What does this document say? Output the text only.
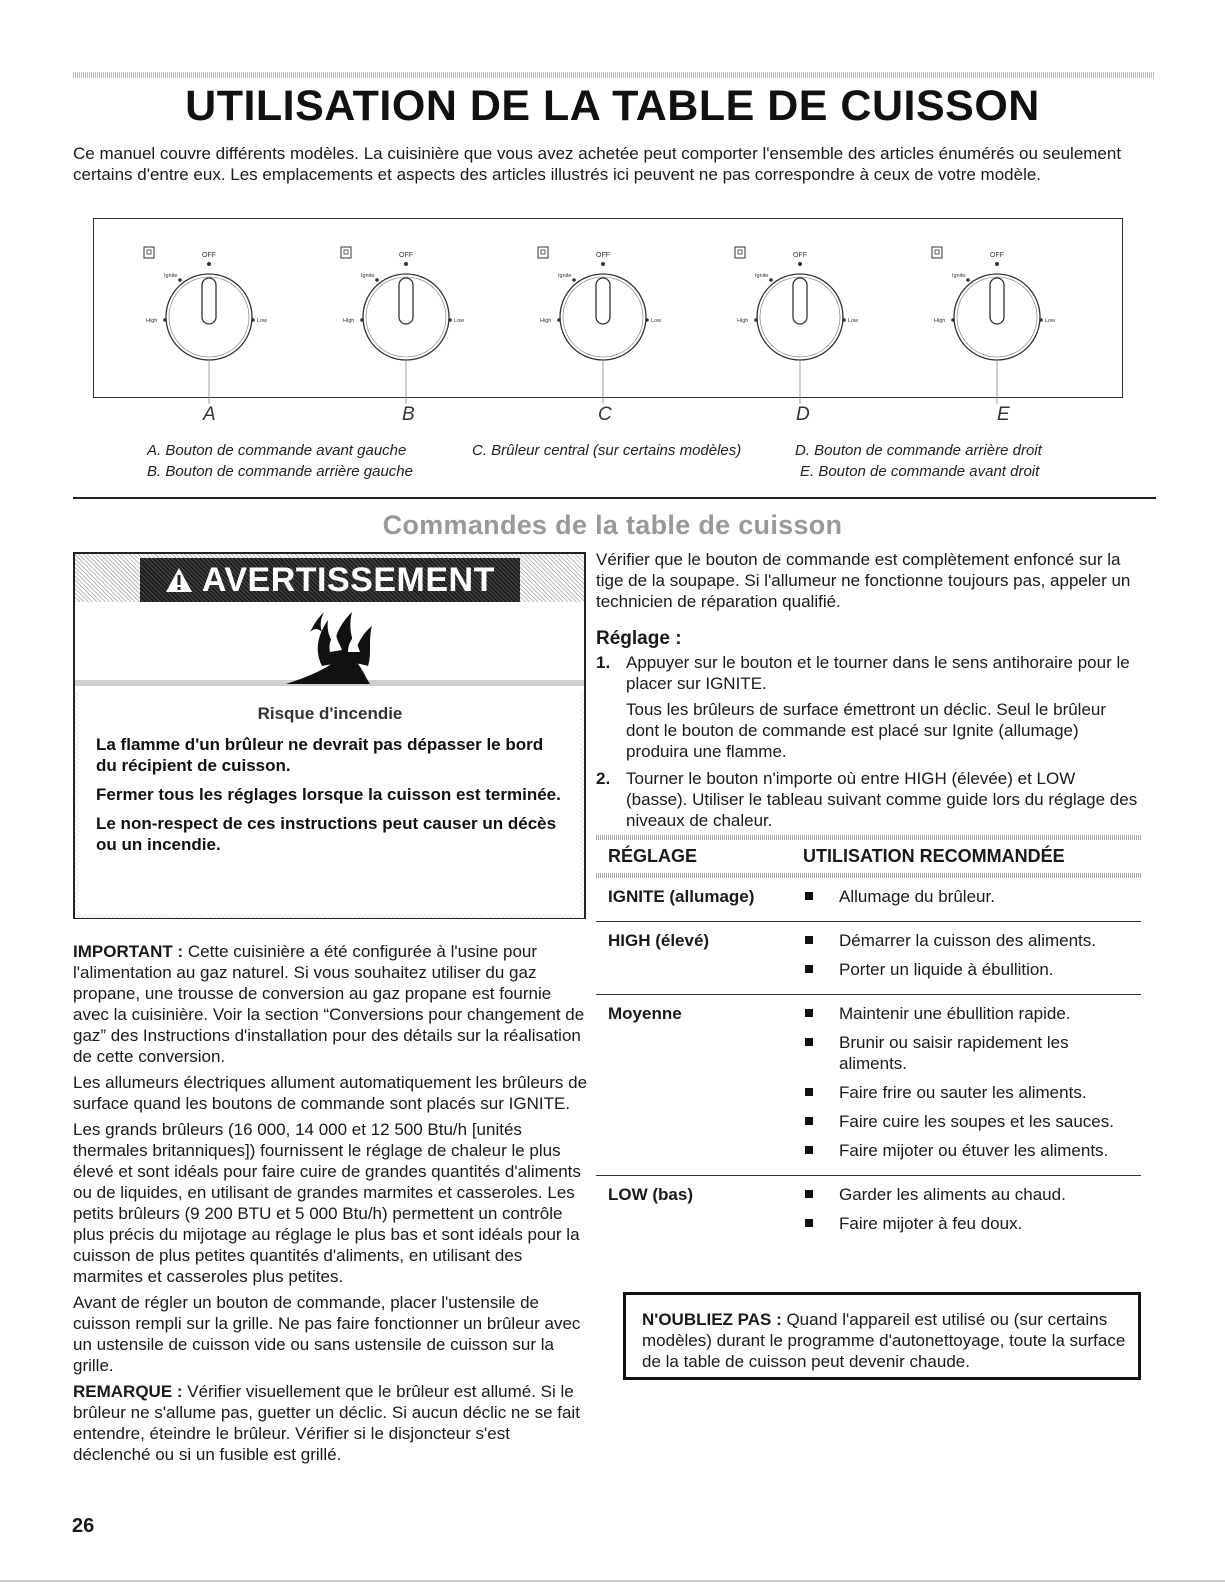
UTILISATION DE LA TABLE DE CUISSON

Ce manuel couvre différents modèles. La cuisinière que vous avez achetée peut comporter l'ensemble des articles énumérés ou seulement certains d'entre eux. Les emplacements et aspects des articles illustrés ici peuvent ne pas correspondre à ceux de votre modèle.

OFF
Ignite
High	Low
OFF
Ignite
High	Low
OFF
Ignite
High	Low
OFF
Ignite
High	Low
OFF
Ignite
High	Low
A	B	C	D	E
A. Bouton de commande avant gauche
B. Bouton de commande arrière gauche
C. Brûleur central (sur certains modèles)	D. Bouton de commande arrière droit
E. Bouton de commande avant droit
Commandes de la table de cuisson
AVERTISSEMENT
Risque d'incendie

La flamme d'un brûleur ne devrait pas dépasser le bord du récipient de cuisson.

Fermer tous les réglages lorsque la cuisson est terminée.

Le non-respect de ces instructions peut causer un décès ou un incendie.

IMPORTANT : Cette cuisinière a été configurée à l'usine pour l'alimentation au gaz naturel. Si vous souhaitez utiliser du gaz propane, une trousse de conversion au gaz propane est fournie avec la cuisinière. Voir la section “Conversions pour changement de gaz” des Instructions d'installation pour des détails sur la réalisation de cette conversion.

Les allumeurs électriques allument automatiquement les brûleurs de surface quand les boutons de commande sont placés sur IGNITE.

Les grands brûleurs (16 000, 14 000 et 12 500 Btu/h [unités thermales britanniques]) fournissent le réglage de chaleur le plus élevé et sont idéals pour faire cuire de grandes quantités d'aliments ou de liquides, en utilisant de grandes marmites et casseroles. Les petits brûleurs (9 200 BTU et 5 000 Btu/h) permettent un contrôle plus précis du mijotage au réglage le plus bas et sont idéals pour la cuisson de plus petites quantités d'aliments, en utilisant des marmites et casseroles plus petites.

Avant de régler un bouton de commande, placer l'ustensile de cuisson rempli sur la grille. Ne pas faire fonctionner un brûleur avec un ustensile de cuisson vide ou sans ustensile de cuisson sur la grille.

REMARQUE : Vérifier visuellement que le brûleur est allumé. Si le brûleur ne s'allume pas, guetter un déclic. Si aucun déclic ne se fait entendre, éteindre le brûleur. Vérifier si le disjoncteur s'est déclenché ou si un fusible est grillé.

Vérifier que le bouton de commande est complètement enfoncé sur la tige de la soupape. Si l'allumeur ne fonctionne toujours pas, appeler un technicien de réparation qualifié.

Réglage :
1. Appuyer sur le bouton et le tourner dans le sens antihoraire pour le placer sur IGNITE.
Tous les brûleurs de surface émettront un déclic. Seul le brûleur dont le bouton de commande est placé sur Ignite (allumage) produira une flamme.
2. Tourner le bouton n'importe où entre HIGH (élevée) et LOW (basse). Utiliser le tableau suivant comme guide lors du réglage des niveaux de chaleur.
RÉGLAGE	UTILISATION RECOMMANDÉE
IGNITE (allumage)	Allumage du brûleur.
HIGH (élevé)	Démarrer la cuisson des aliments.
Porter un liquide à ébullition.
Moyenne	Maintenir une ébullition rapide.
Brunir ou saisir rapidement les aliments.
Faire frire ou sauter les aliments.
Faire cuire les soupes et les sauces.
Faire mijoter ou étuver les aliments.
LOW (bas)	Garder les aliments au chaud.
Faire mijoter à feu doux.
N'OUBLIEZ PAS : Quand l'appareil est utilisé ou (sur certains modèles) durant le programme d'autonettoyage, toute la surface de la table de cuisson peut devenir chaude.
26
